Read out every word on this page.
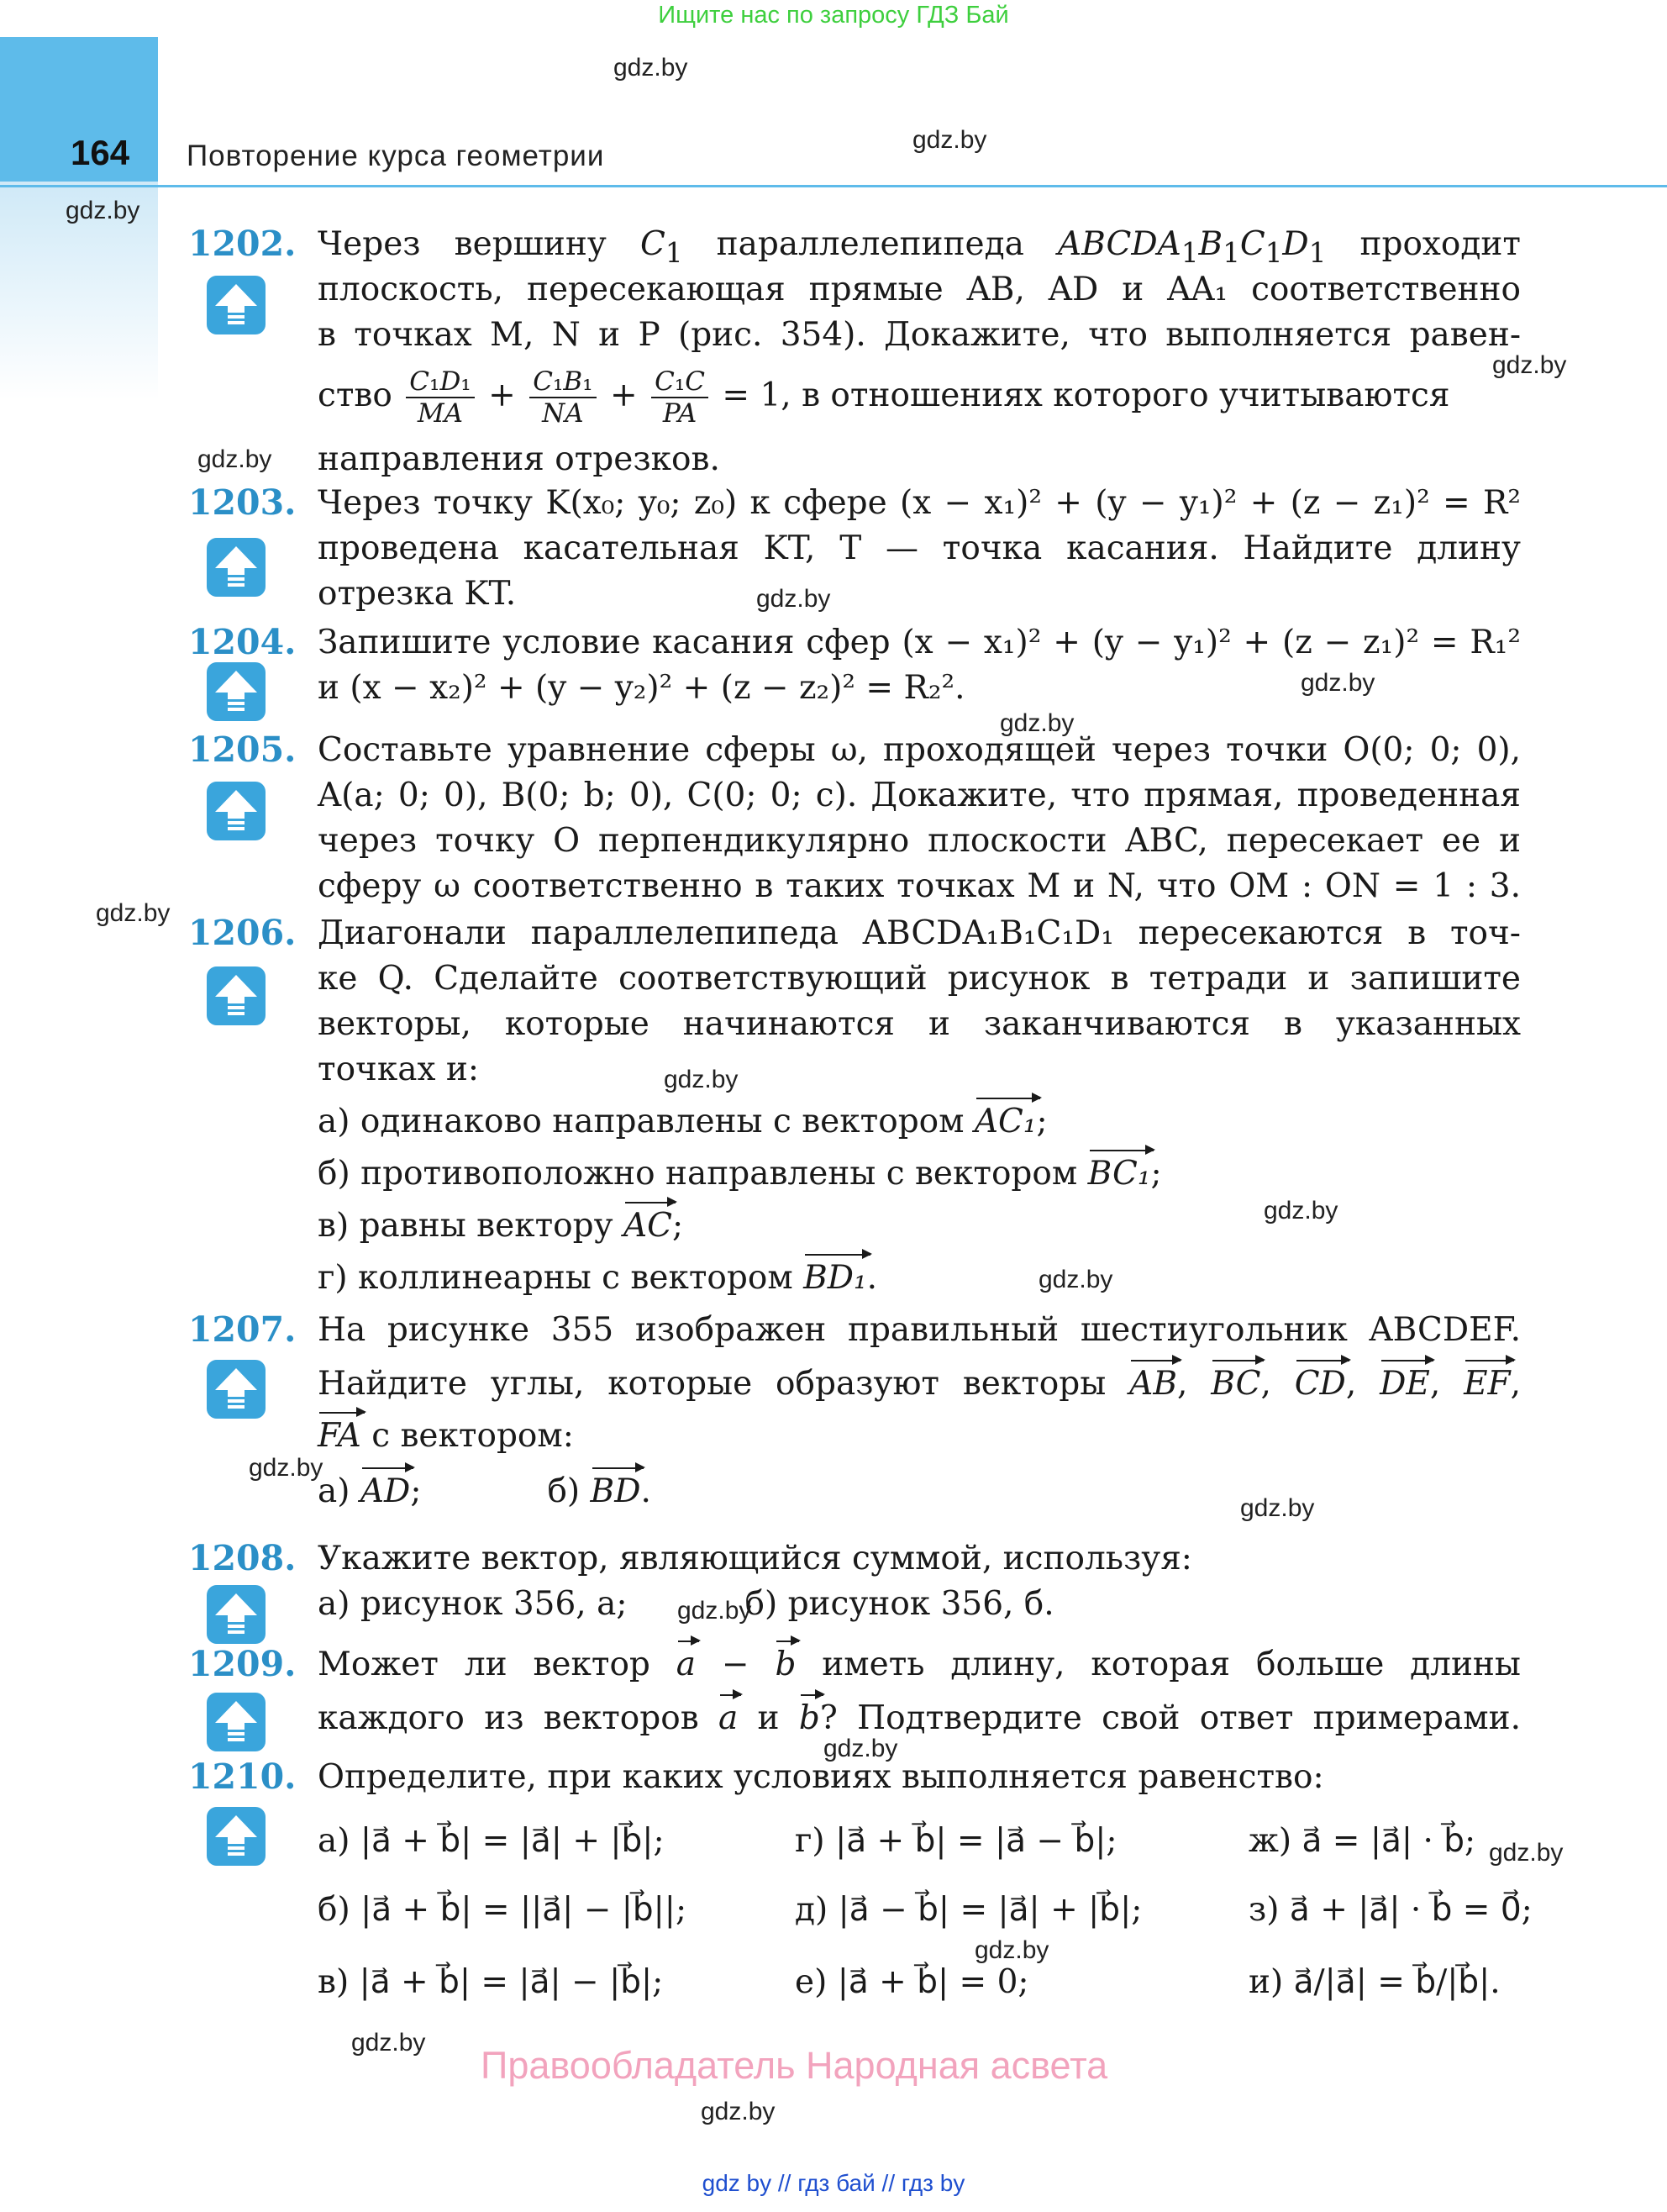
Ищите нас по запросу ГДЗ Бай
164 Повторение курса геометрии
gdz.by
gdz.by
gdz.by
gdz.by
gdz.by
gdz.by
gdz.by
gdz.by
gdz.by
gdz.by
gdz.by
gdz.by
gdz.by
gdz.by
gdz.by
gdz.by
gdz.by
gdz.by
gdz.by
gdz.by
1202.
1203.
1204.
1205.
1206.
1207.
1208.
1209.
1210.
Через вершину $C_1$ параллелепипеда $ABCDA_1B_1C_1D_1$ проходит
плоскость, пересекающая прямые AB, AD и AA₁ соответственно
в точках M, N и P (рис. 354). Докажите, что выполняется равен-
ство $\frac{\text{C₁D₁}}{MA} + \frac{\text{C₁B₁}}{NA} + \frac{\text{C₁C}}{PA} = 1$, в отношениях которого учитываются
направления отрезков.
Через точку K(x₀; y₀; z₀) к сфере (x − x₁)² + (y − y₁)² + (z − z₁)² = R²
проведена касательная KT, T — точка касания. Найдите длину
отрезка KT.
Запишите условие касания сфер (x − x₁)² + (y − y₁)² + (z − z₁)² = R₁²
и (x − x₂)² + (y − y₂)² + (z − z₂)² = R₂².
Составьте уравнение сферы ω, проходящей через точки O(0; 0; 0),
A(a; 0; 0), B(0; b; 0), C(0; 0; c). Докажите, что прямая, проведенная
через точку O перпендикулярно плоскости ABC, пересекает ее и
сферу ω соответственно в таких точках M и N, что OM : ON = 1 : 3.
Диагонали параллелепипеда ABCDA₁B₁C₁D₁ пересекаются в точ-
ке Q. Сделайте соответствующий рисунок в тетради и запишите
векторы, которые начинаются и заканчиваются в указанных
точках и:
а) одинаково направлены с вектором AC₁;
б) противоположно направлены с вектором BC₁;
в) равны вектору AC;
г) коллинеарны с вектором BD₁.
На рисунке 355 изображен правильный шестиугольник ABCDEF.
Найдите углы, которые образуют векторы AB, BC, CD, DE, EF,
FA с вектором:
а) AD;	б) BD.
Укажите вектор, являющийся суммой, используя:
а) рисунок 356, а;	б) рисунок 356, б.
Может ли вектор a − b иметь длину, которая больше длины
каждого из векторов a и b? Подтвердите свой ответ примерами.
Определите, при каких условиях выполняется равенство:
а) |a⃗ + b⃗| = |a⃗| + |b⃗|;
б) |a⃗ + b⃗| = ||a⃗| − |b⃗||;
в) |a⃗ + b⃗| = |a⃗| − |b⃗|;
г) |a⃗ + b⃗| = |a⃗ − b⃗|;
д) |a⃗ − b⃗| = |a⃗| + |b⃗|;
е) |a⃗ + b⃗| = 0;
ж) a⃗ = |a⃗| · b⃗;
з) a⃗ + |a⃗| · b⃗ = 0⃗;
и) a⃗/|a⃗| = b⃗/|b⃗|.
Правообладатель Народная асвета
gdz by // гдз бай // гдз by
